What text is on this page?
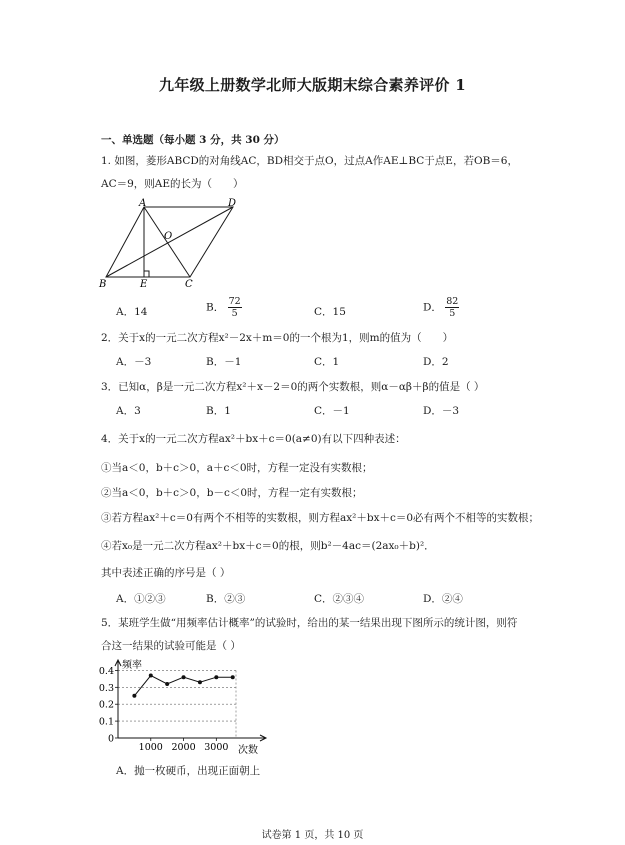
九年级上册数学北师大版期末综合素养评价 1
一、单选题（每小题 3 分，共 30 分）
1. 如图，菱形ABCD的对角线AC，BD相交于点O，过点A作AE⊥BC于点E，若OB＝6，
AC＝9，则AE的长为（　　）
A	D
O
B	E	C
A．14	B． $\frac{72}{5}$	C．15	D． $\frac{82}{5}$
2．关于x的一元二次方程x²－2x＋m＝0的一个根为1，则m的值为（　　）
A．－3	B．－1	C．1	D．2
3．已知α，β是一元二次方程x²＋x－2＝0的两个实数根，则α－αβ＋β的值是（ ）
A．3	B．1	C．－1	D．－3
4．关于x的一元二次方程ax²＋bx＋c＝0(a≠0)有以下四种表述：
①当a＜0，b＋c＞0，a＋c＜0时，方程一定没有实数根；
②当a＜0，b＋c＞0，b－c＜0时，方程一定有实数根；
③若方程ax²＋c＝0有两个不相等的实数根，则方程ax²＋bx＋c＝0必有两个不相等的实数根；
④若x₀是一元二次方程ax²＋bx＋c＝0的根，则b²－4ac＝(2ax₀＋b)²．
其中表述正确的序号是（ ）
A．①②③	B．②③	C．②③④	D．②④
5．某班学生做“用频率估计概率”的试验时，给出的某一结果出现下图所示的统计图，则符
合这一结果的试验可能是（ ）
0
0.1
0.2
0.3
0.4
1000 2000 3000
频率
次数
A．抛一枚硬币，出现正面朝上
试卷第 1 页，共 10 页
